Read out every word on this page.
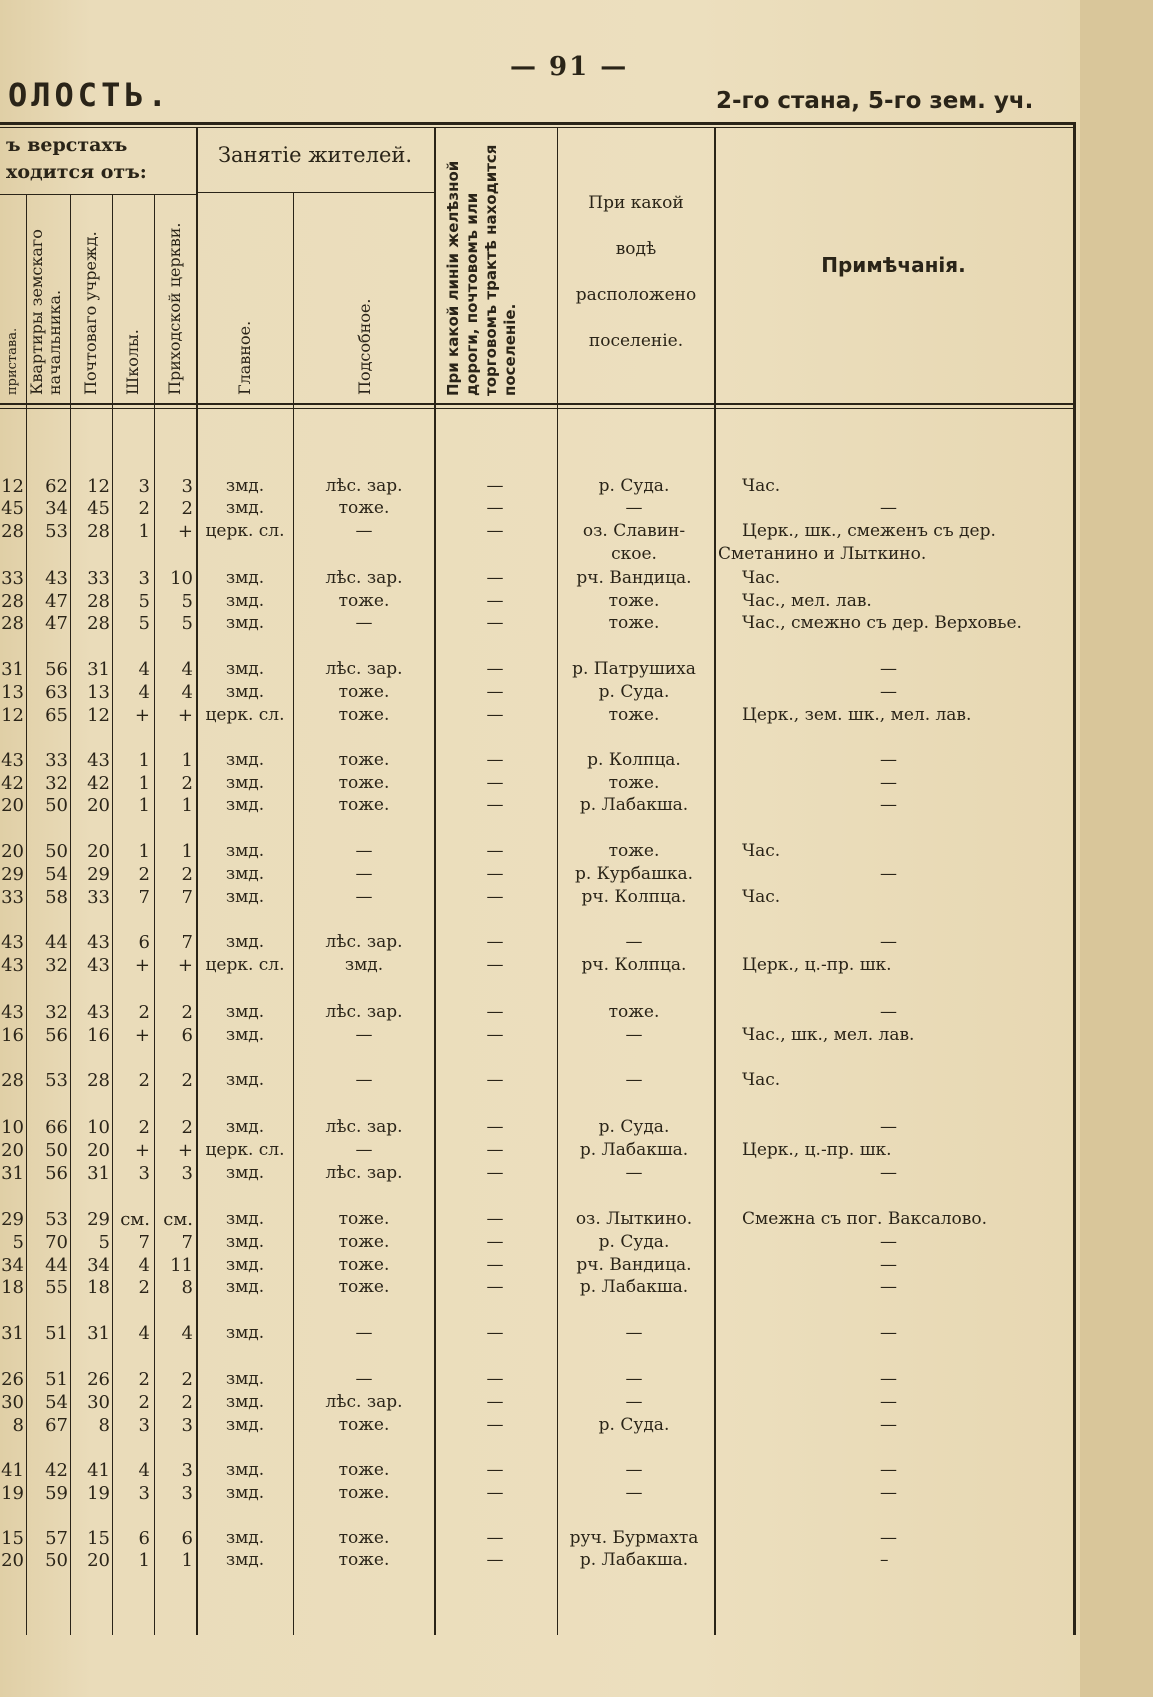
— 91 —
ОЛОСТЬ.	2-го стана, 5-го зем. уч.
ъ верстахъ
ходится отъ:
Занятіе жителей.
пристава. Квартиры земскаго начальника. Почтоваго учрежд. Школы. Приходской церкви.	Главное.	Подсобное.	При какой линіи желѣзной дороги, почтовомъ или торговомъ трактѣ находится поселеніе.
При какой водѣ расположено поселеніе.
Примѣчанія.
12 62 12 3 3 змд.	лѣс. зар.	—	р. Суда.	Час.
45 34 45 2 2 змд.	тоже.	—	—	—
28 53 28 1 + церк. сл.	—	—	оз. Славин-	Церк., шк., смеженъ съ дер.
ское.	Сметанино и Лыткино.
33 43 33 3 10 змд.	лѣс. зар.	—	рч. Вандица.	Час.
28 47 28 5 5 змд.	тоже.	—	тоже.	Час., мел. лав.
28 47 28 5 5 змд.	—	—	тоже.	Час., смежно съ дер. Верховье.
31 56 31 4 4 змд.	лѣс. зар.	—	р. Патрушиха	—
13 63 13 4 4 змд.	тоже.	—	р. Суда.	—
12 65 12 + + церк. сл.	тоже.	—	тоже.	Церк., зем. шк., мел. лав.
43 33 43 1 1 змд.	тоже.	—	р. Колпца.	—
42 32 42 1 2 змд.	тоже.	—	тоже.	—
20 50 20 1 1 змд.	тоже.	—	р. Лабакша.	—
20 50 20 1 1 змд.	—	—	тоже.	Час.
29 54 29 2 2 змд.	—	—	р. Курбашка.	—
33 58 33 7 7 змд.	—	—	рч. Колпца.	Час.
43 44 43 6 7 змд.	лѣс. зар.	—	—	—
43 32 43 + + церк. сл.	змд.	—	рч. Колпца.	Церк., ц.-пр. шк.
43 32 43 2 2 змд.	лѣс. зар.	—	тоже.	—
16 56 16 + 6 змд.	—	—	—	Час., шк., мел. лав.
28 53 28 2 2 змд.	—	—	—	Час.
10 66 10 2 2 змд.	лѣс. зар.	—	р. Суда.	—
20 50 20 + + церк. сл.	—	—	р. Лабакша.	Церк., ц.-пр. шк.
31 56 31 3 3 змд.	лѣс. зар.	—	—	—
29 53 29 см. см. змд.	тоже.	—	оз. Лыткино.	Смежна съ пог. Ваксалово.
5 70 5 7 7 змд.	тоже.	—	р. Суда.	—
34 44 34 4 11 змд.	тоже.	—	рч. Вандица.	—
18 55 18 2 8 змд.	тоже.	—	р. Лабакша.	—
31 51 31 4 4 змд.	—	—	—	—
26 51 26 2 2 змд.	—	—	—	—
30 54 30 2 2 змд.	лѣс. зар.	—	—	—
8 67 8 3 3 змд.	тоже.	—	р. Суда.	—
41 42 41 4 3 змд.	тоже.	—	—	—
19 59 19 3 3 змд.	тоже.	—	—	—
15 57 15 6 6 змд.	тоже.	—	руч. Бурмахта	—
20 50 20 1 1 змд.	тоже.	—	р. Лабакша.	–
